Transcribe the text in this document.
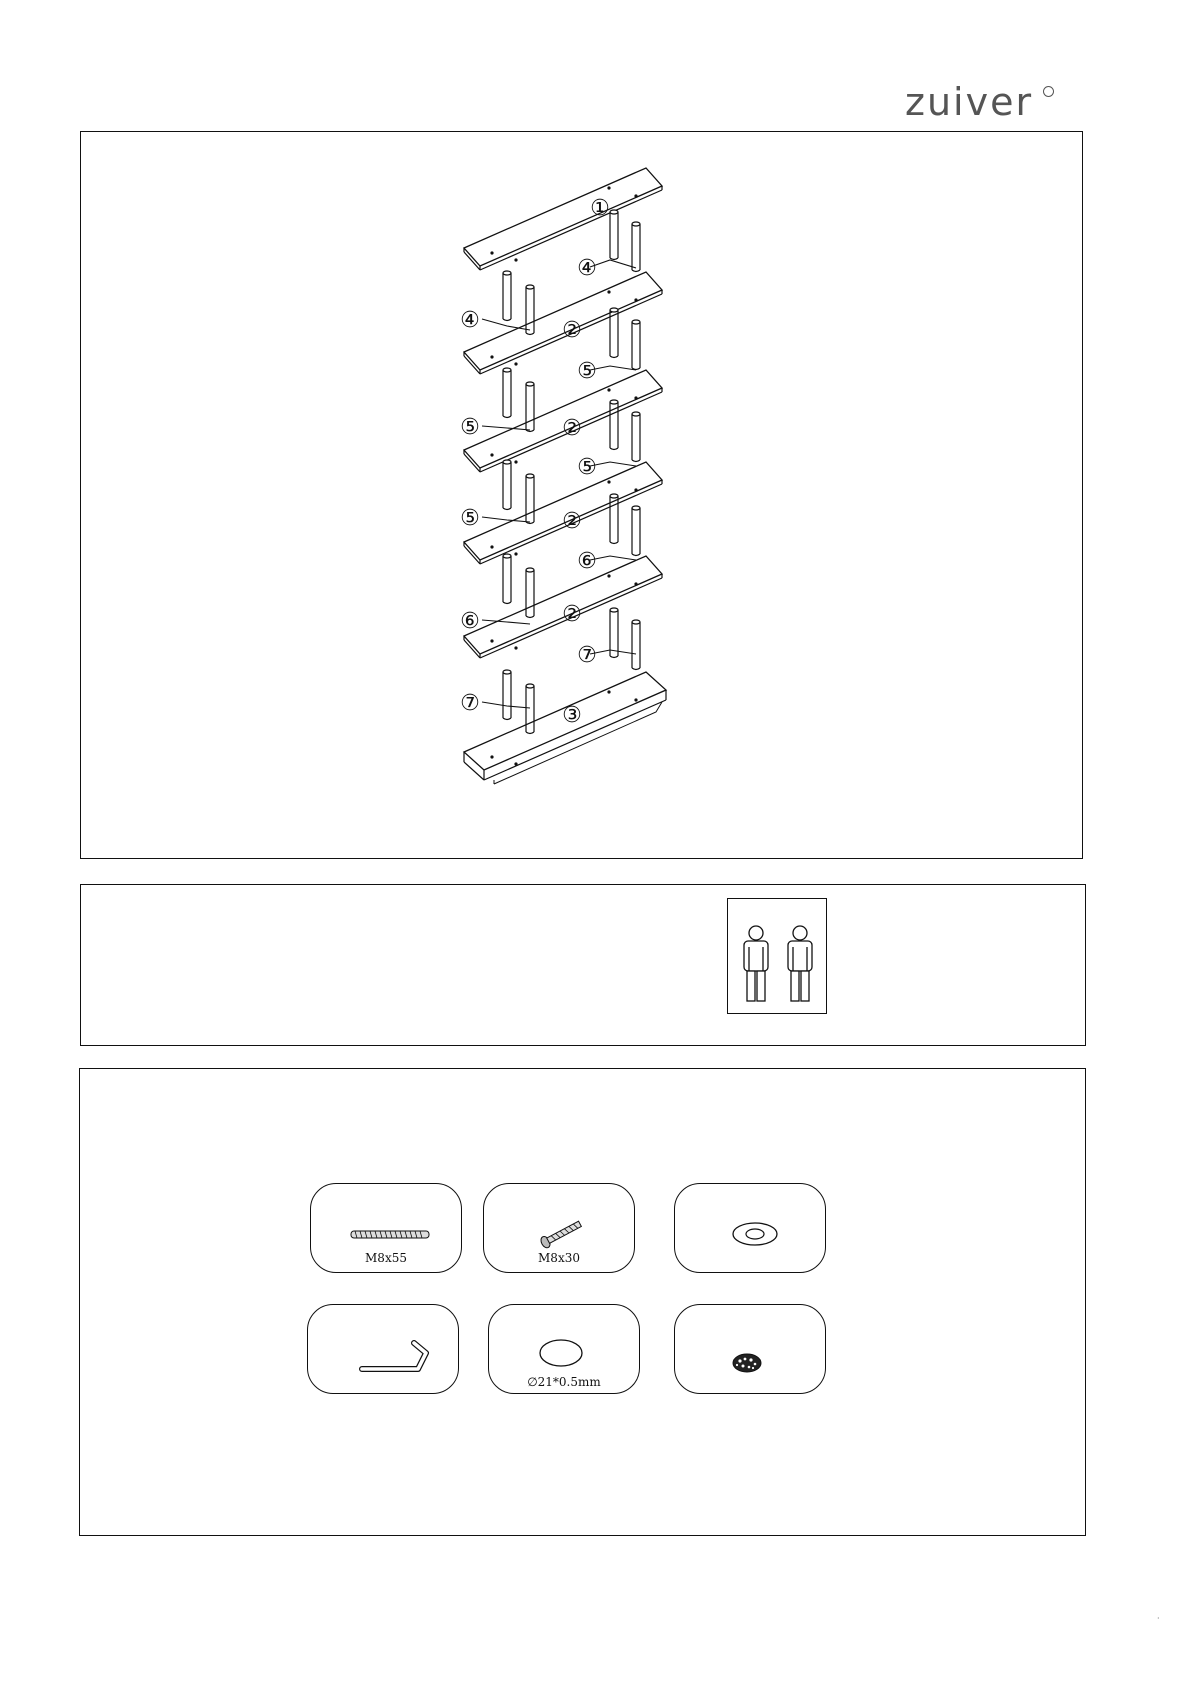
zuiver
①
②
②
②
②
③
④
④
⑤
⑤
⑤
⑤
⑥
⑥
⑦
⑦
M8x55	M8x30
∅21*0.5mm
·
